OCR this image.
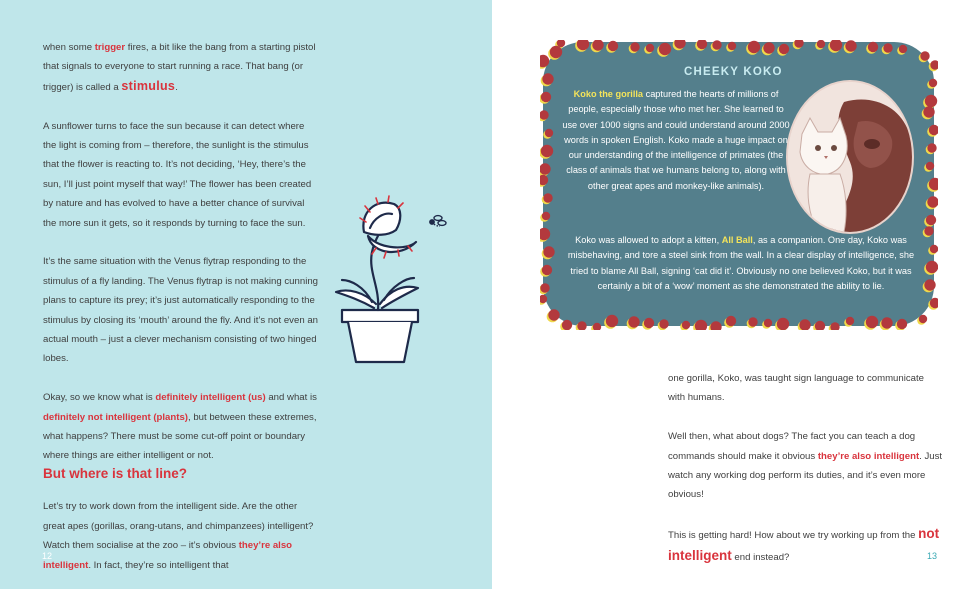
when some trigger fires, a bit like the bang from a starting pistol that signals to everyone to start running a race. That bang (or trigger) is called a stimulus.

A sunflower turns to face the sun because it can detect where the light is coming from – therefore, the sunlight is the stimulus that the flower is reacting to. It’s not deciding, ‘Hey, there’s the sun, I’ll just point myself that way!’ The flower has been created by nature and has evolved to have a better chance of survival the more sun it gets, so it responds by turning to face the sun.

It’s the same situation with the Venus flytrap responding to the stimulus of a fly landing. The Venus flytrap is not making cunning plans to capture its prey; it’s just automatically responding to the stimulus by closing its ‘mouth’ around the fly. And it’s not even an actual mouth – just a clever mechanism consisting of two hinged lobes.

Okay, so we know what is definitely intelligent (us) and what is definitely not intelligent (plants), but between these extremes, what happens? There must be some cut-off point or boundary where things are either intelligent or not.

But where is that line?

Let’s try to work down from the intelligent side. Are the other great apes (gorillas, orang-utans, and chimpanzees) intelligent? Watch them socialise at the zoo – it’s obvious they’re also intelligent. In fact, they’re so intelligent that

12
CHEEKY KOKO
Koko the gorilla captured the hearts of millions of people, especially those who met her. She learned to use over 1000 signs and could understand around 2000 words in spoken English. Koko made a huge impact on our understanding of the intelligence of primates (the class of animals that we humans belong to, along with other great apes and monkey-like animals).
Koko was allowed to adopt a kitten, All Ball, as a companion. One day, Koko was misbehaving, and tore a steel sink from the wall. In a clear display of intelligence, she tried to blame All Ball, signing ‘cat did it’. Obviously no one believed Koko, but it was certainly a bit of a ‘wow’ moment as she demonstrated the ability to lie.

one gorilla, Koko, was taught sign language to communicate with humans.

Well then, what about dogs? The fact you can teach a dog commands should make it obvious they’re also intelligent. Just watch any working dog perform its duties, and it’s even more obvious!

This is getting hard! How about we try working up from the not intelligent end instead?	13
